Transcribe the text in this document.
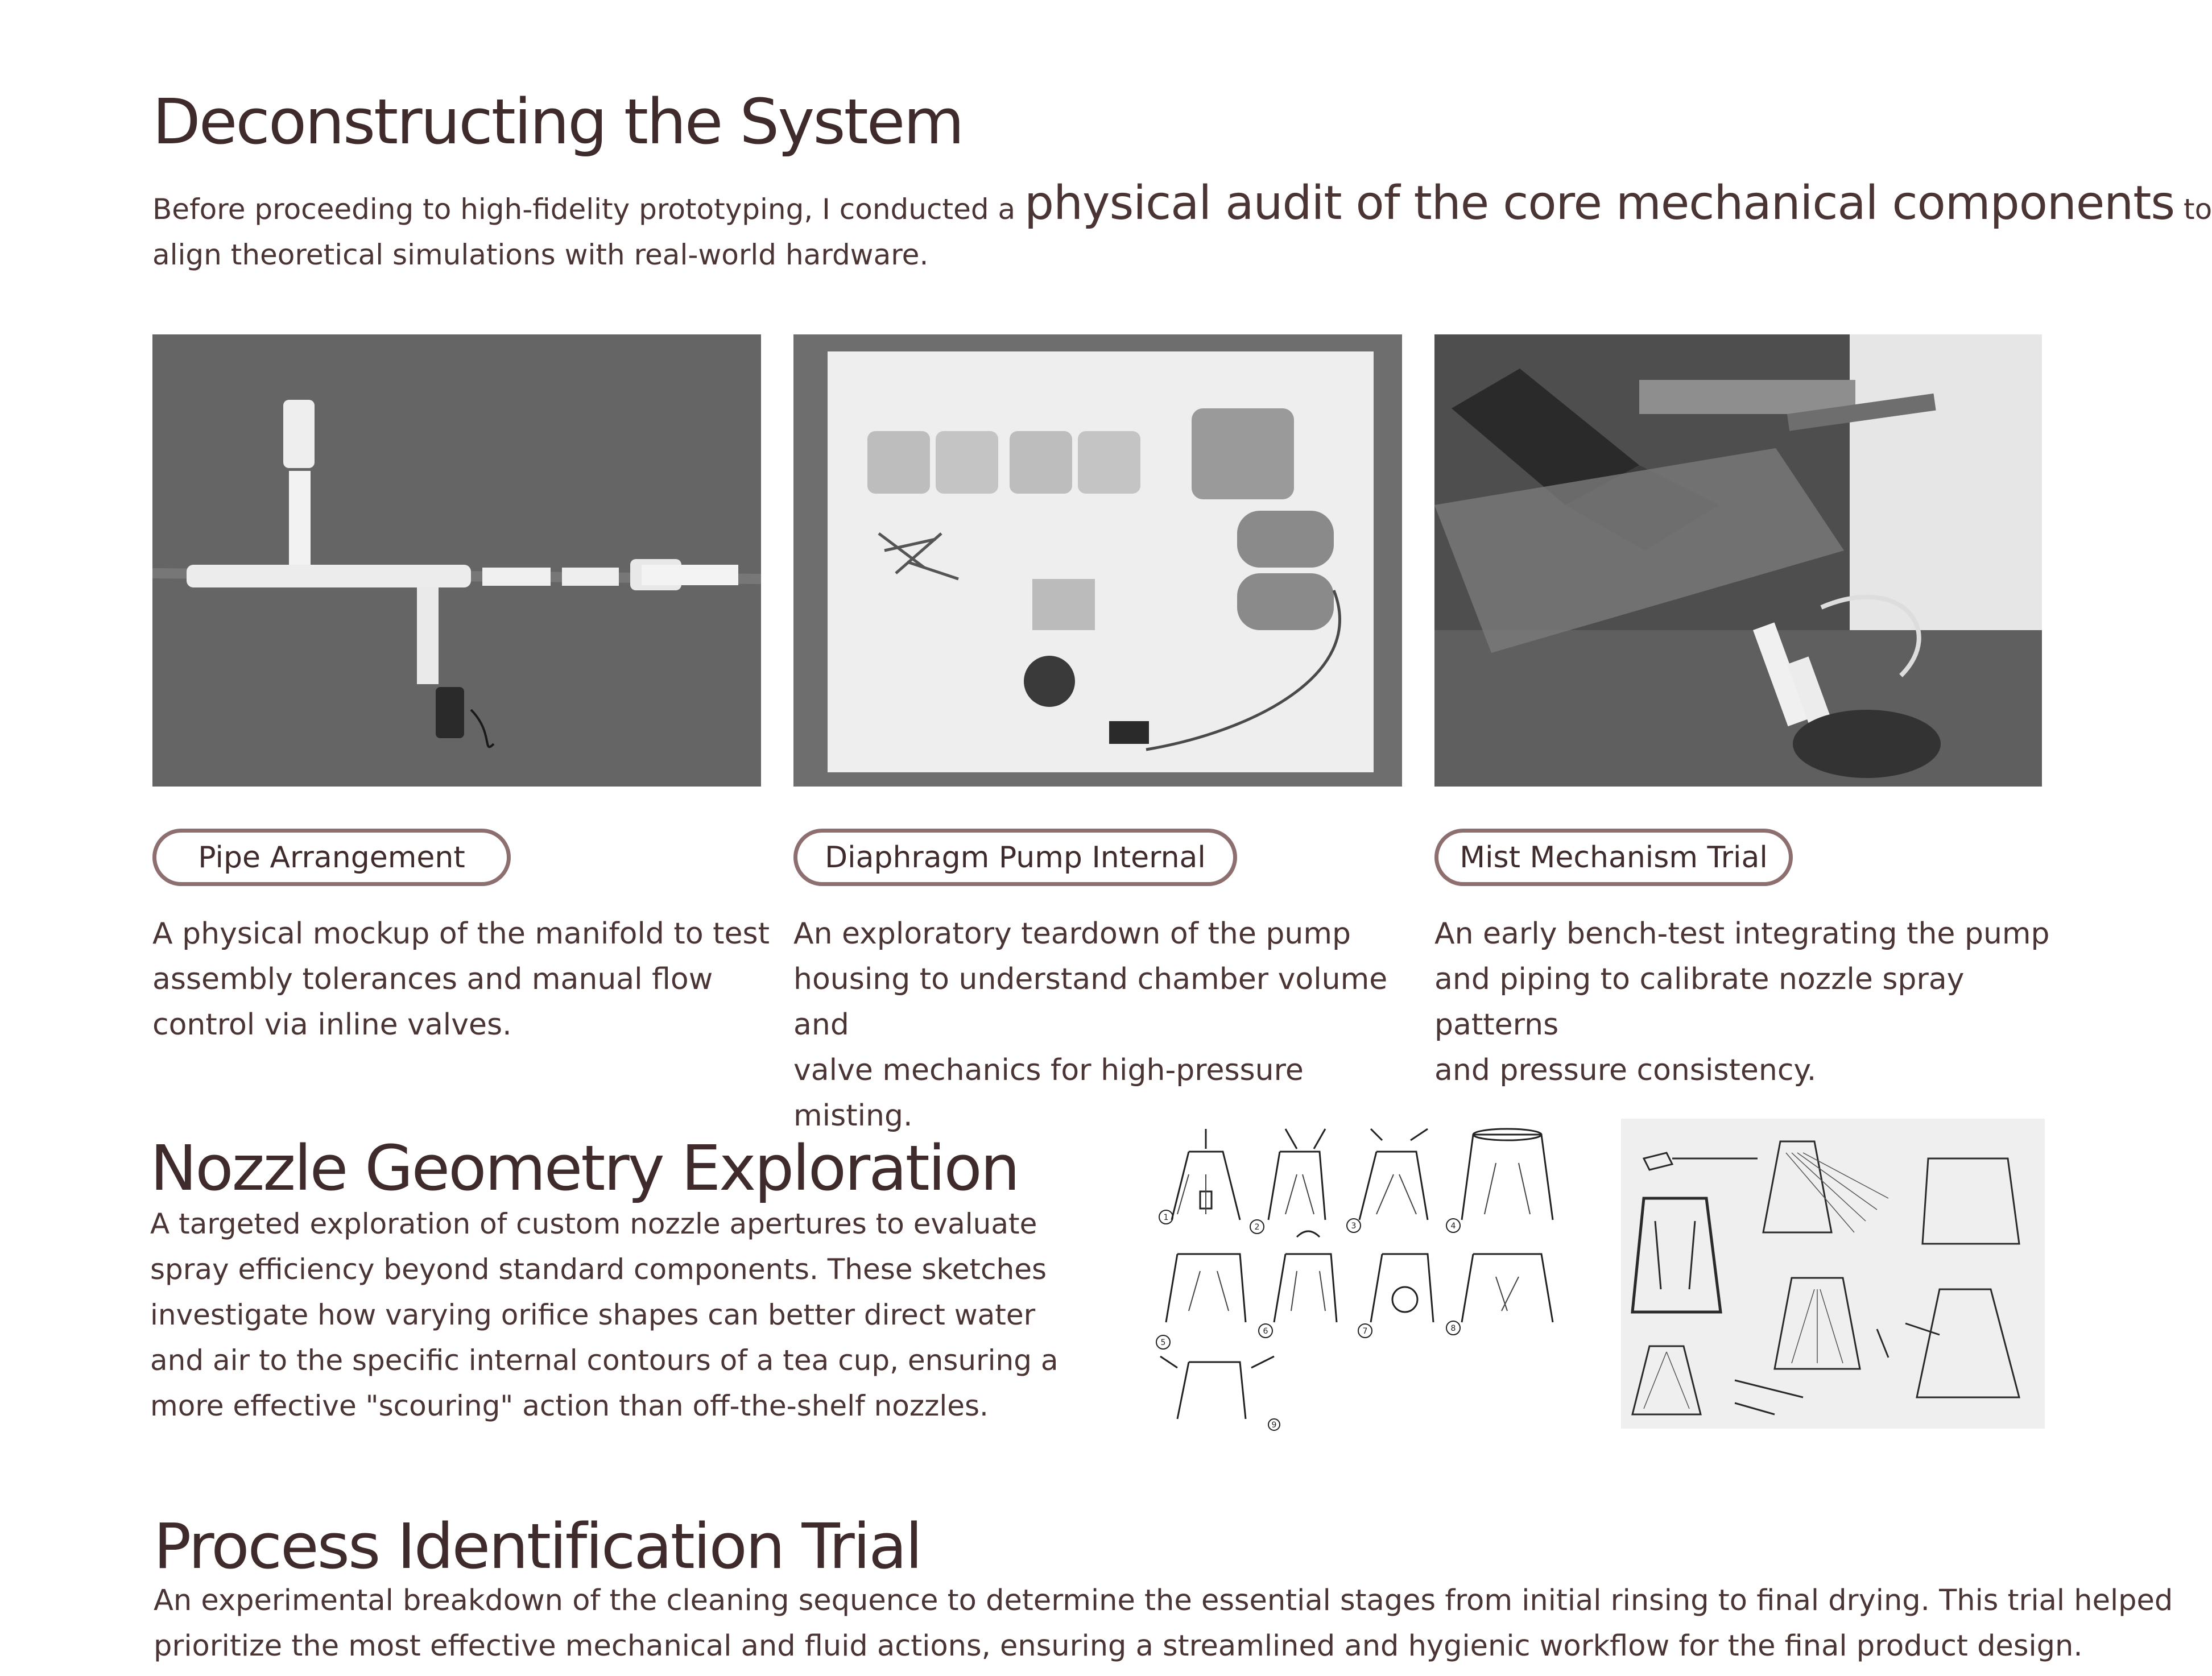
Deconstructing the System
Before proceeding to high-fidelity prototyping, I conducted a physical audit of the core mechanical components to
align theoretical simulations with real-world hardware.
Pipe Arrangement	Diaphragm Pump Internal	Mist Mechanism Trial
A physical mockup of the manifold to test
assembly tolerances and manual flow
control via inline valves.
An exploratory teardown of the pump
housing to understand chamber volume and
valve mechanics for high-pressure misting.
An early bench-test integrating the pump
and piping to calibrate nozzle spray patterns
and pressure consistency.
Nozzle Geometry Exploration
A targeted exploration of custom nozzle apertures to evaluate
spray efficiency beyond standard components. These sketches
investigate how varying orifice shapes can better direct water
and air to the specific internal contours of a tea cup, ensuring a
more effective "scouring" action than off-the-shelf nozzles.
1
2	3	4
5
6	7	8
9
Process Identification Trial
An experimental breakdown of the cleaning sequence to determine the essential stages from initial rinsing to final drying. This trial helped
prioritize the most effective mechanical and fluid actions, ensuring a streamlined and hygienic workflow for the final product design.
